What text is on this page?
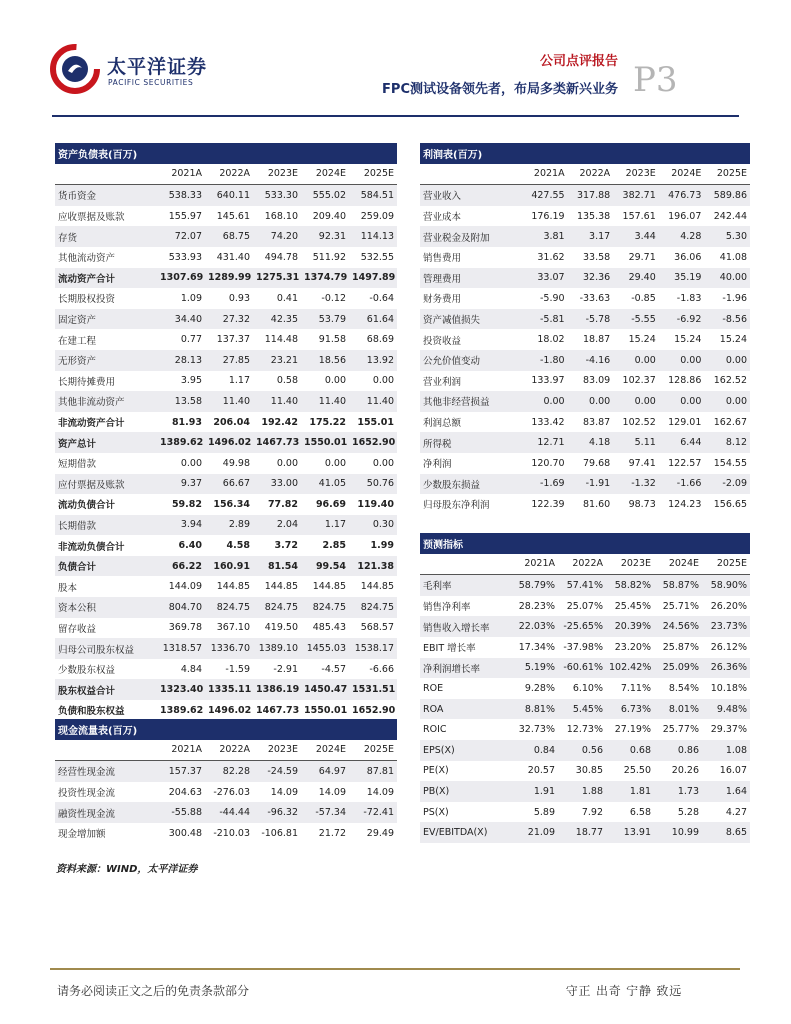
太平洋证券
PACIFIC SECURITIES
公司点评报告
FPC测试设备领先者，布局多类新兴业务 P3
资产负债表(百万)					
	2021A	2022A	2023E	2024E	2025E
货币资金	538.33	640.11	533.30	555.02	584.51
应收票据及账款	155.97	145.61	168.10	209.40	259.09
存货	72.07	68.75	74.20	92.31	114.13
其他流动资产	533.93	431.40	494.78	511.92	532.55
流动资产合计	1307.69	1289.99	1275.31	1374.79	1497.89
长期股权投资	1.09	0.93	0.41	-0.12	-0.64
固定资产	34.40	27.32	42.35	53.79	61.64
在建工程	0.77	137.37	114.48	91.58	68.69
无形资产	28.13	27.85	23.21	18.56	13.92
长期待摊费用	3.95	1.17	0.58	0.00	0.00
其他非流动资产	13.58	11.40	11.40	11.40	11.40
非流动资产合计	81.93	206.04	192.42	175.22	155.01
资产总计	1389.62	1496.02	1467.73	1550.01	1652.90
短期借款	0.00	49.98	0.00	0.00	0.00
应付票据及账款	9.37	66.67	33.00	41.05	50.76
流动负债合计	59.82	156.34	77.82	96.69	119.40
长期借款	3.94	2.89	2.04	1.17	0.30
非流动负债合计	6.40	4.58	3.72	2.85	1.99
负债合计	66.22	160.91	81.54	99.54	121.38
股本	144.09	144.85	144.85	144.85	144.85
资本公积	804.70	824.75	824.75	824.75	824.75
留存收益	369.78	367.10	419.50	485.43	568.57
归母公司股东权益	1318.57	1336.70	1389.10	1455.03	1538.17
少数股东权益	4.84	-1.59	-2.91	-4.57	-6.66
股东权益合计	1323.40	1335.11	1386.19	1450.47	1531.51
负债和股东权益	1389.62	1496.02	1467.73	1550.01	1652.90
利润表(百万)					
	2021A	2022A	2023E	2024E	2025E
营业收入	427.55	317.88	382.71	476.73	589.86
营业成本	176.19	135.38	157.61	196.07	242.44
营业税金及附加	3.81	3.17	3.44	4.28	5.30
销售费用	31.62	33.58	29.71	36.06	41.08
管理费用	33.07	32.36	29.40	35.19	40.00
财务费用	-5.90	-33.63	-0.85	-1.83	-1.96
资产减值损失	-5.81	-5.78	-5.55	-6.92	-8.56
投资收益	18.02	18.87	15.24	15.24	15.24
公允价值变动	-1.80	-4.16	0.00	0.00	0.00
营业利润	133.97	83.09	102.37	128.86	162.52
其他非经营损益	0.00	0.00	0.00	0.00	0.00
利润总额	133.42	83.87	102.52	129.01	162.67
所得税	12.71	4.18	5.11	6.44	8.12
净利润	120.70	79.68	97.41	122.57	154.55
少数股东损益	-1.69	-1.91	-1.32	-1.66	-2.09
归母股东净利润	122.39	81.60	98.73	124.23	156.65
预测指标					
	2021A	2022A	2023E	2024E	2025E
毛利率	58.79%	57.41%	58.82%	58.87%	58.90%
销售净利率	28.23%	25.07%	25.45%	25.71%	26.20%
销售收入增长率	22.03%	-25.65%	20.39%	24.56%	23.73%
EBIT 增长率	17.34%	-37.98%	23.20%	25.87%	26.12%
净利润增长率	5.19%	-60.61%	102.42%	25.09%	26.36%
ROE	9.28%	6.10%	7.11%	8.54%	10.18%
ROA	8.81%	5.45%	6.73%	8.01%	9.48%
ROIC	32.73%	12.73%	27.19%	25.77%	29.37%
EPS(X)	0.84	0.56	0.68	0.86	1.08
PE(X)	20.57	30.85	25.50	20.26	16.07
PB(X)	1.91	1.88	1.81	1.73	1.64
PS(X)	5.89	7.92	6.58	5.28	4.27
EV/EBITDA(X)	21.09	18.77	13.91	10.99	8.65
现金流量表(百万)					
	2021A	2022A	2023E	2024E	2025E
经营性现金流	157.37	82.28	-24.59	64.97	87.81
投资性现金流	204.63	-276.03	14.09	14.09	14.09
融资性现金流	-55.88	-44.44	-96.32	-57.34	-72.41
现金增加额	300.48	-210.03	-106.81	21.72	29.49
资料来源：WIND，太平洋证券
请务必阅读正文之后的免责条款部分	守正 出奇 宁静 致远
